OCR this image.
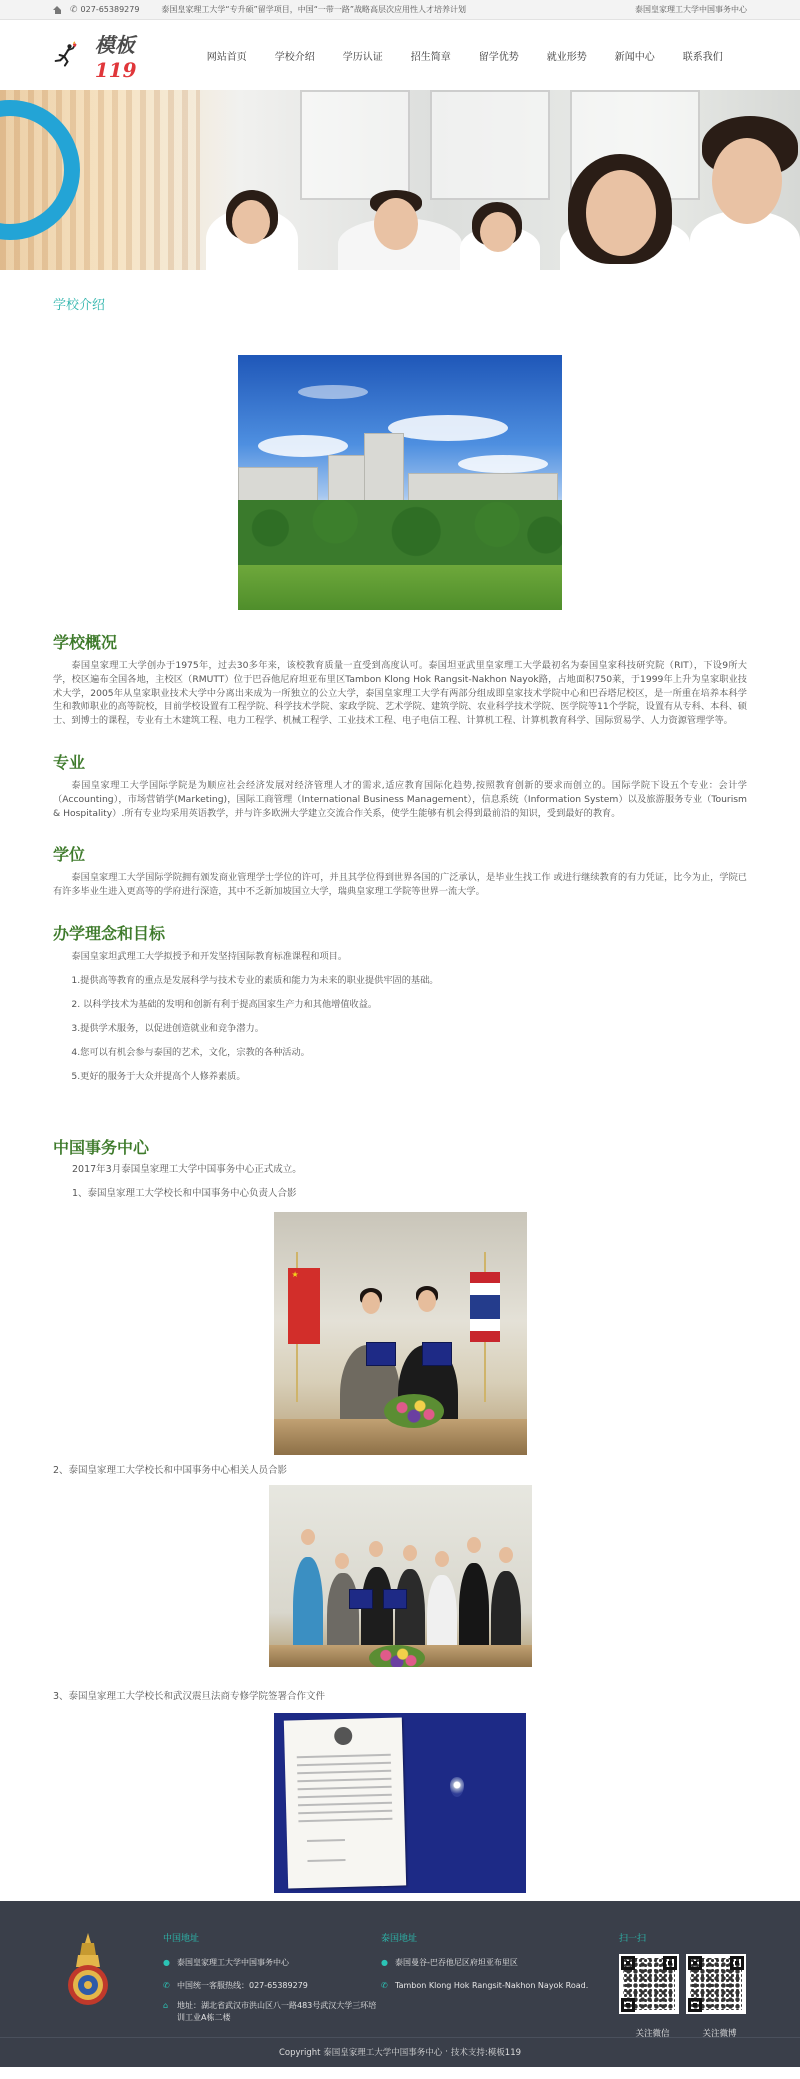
✆ 027-65389279	泰国皇家理工大学“专升硕”留学项目，中国“一带一路”战略高层次应用性人才培养计划	泰国皇家理工大学中国事务中心
模板119
网站首页	学校介绍	学历认证	招生简章	留学优势	就业形势	新闻中心	联系我们
学校介绍
学校概况

泰国皇家理工大学创办于1975年，过去30多年来，该校教育质量一直受到高度认可。泰国坦亚武里皇家理工大学最初名为泰国皇家科技研究院（RIT），下设9所大学，校区遍布全国各地，主校区（RMUTT）位于巴吞他尼府坦亚布里区Tambon Klong Hok Rangsit-Nakhon Nayok路，占地面积750莱，于1999年上升为皇家职业技术大学，2005年从皇家职业技术大学中分离出来成为一所独立的公立大学，泰国皇家理工大学有两部分组成即皇家技术学院中心和巴吞塔尼校区，是一所重在培养本科学生和教师职业的高等院校，目前学校设置有工程学院、科学技术学院、家政学院、艺术学院、建筑学院、农业科学技术学院、医学院等11个学院，设置有从专科、本科、硕士、到博士的课程，专业有土木建筑工程、电力工程学、机械工程学、工业技术工程、电子电信工程、计算机工程、计算机教育科学、国际贸易学、人力资源管理学等。

专业

泰国皇家理工大学国际学院是为顺应社会经济发展对经济管理人才的需求,适应教育国际化趋势,按照教育创新的要求而创立的。国际学院下设五个专业：会计学（Accounting），市场营销学(Marketing)，国际工商管理（International Business Management），信息系统（Information System）以及旅游服务专业（Tourism & Hospitality）.所有专业均采用英语教学，并与许多欧洲大学建立交流合作关系，使学生能够有机会得到最前沿的知识，受到最好的教育。

学位

泰国皇家理工大学国际学院拥有颁发商业管理学士学位的许可，并且其学位得到世界各国的广泛承认，是毕业生找工作 或进行继续教育的有力凭证，比今为止，学院已有许多毕业生进入更高等的学府进行深造，其中不乏新加坡国立大学，瑞典皇家理工学院等世界一流大学。

办学理念和目标

泰国皇家坦武理工大学拟授予和开发坚持国际教育标准课程和项目。

1.提供高等教育的重点是发展科学与技术专业的素质和能力为未来的职业提供牢固的基础。
2. 以科学技术为基础的发明和创新有利于提高国家生产力和其他增值收益。
3.提供学术服务，以促进创造就业和竞争潜力。
4.您可以有机会参与泰国的艺术，文化，宗教的各种活动。
5.更好的服务于大众并提高个人修养素质。
中国事务中心

2017年3月泰国皇家理工大学中国事务中心正式成立。

1、泰国皇家理工大学校长和中国事务中心负责人合影

★

2、泰国皇家理工大学校长和中国事务中心相关人员合影

3、泰国皇家理工大学校长和武汉震旦法商专修学院签署合作文件

中国地址
● 泰国皇家理工大学中国事务中心
✆ 中国统一客服热线：027-65389279
⌂	地址：湖北省武汉市洪山区八一路483号武汉大学三环培训工业A栋二楼
泰国地址
● 泰国曼谷-巴吞他尼区府坦亚布里区
✆ Tambon Klong Hok Rangsit-Nakhon Nayok Road.
扫一扫
关注微信	关注微博
Copyright 泰国皇家理工大学中国事务中心 · 技术支持:模板119
